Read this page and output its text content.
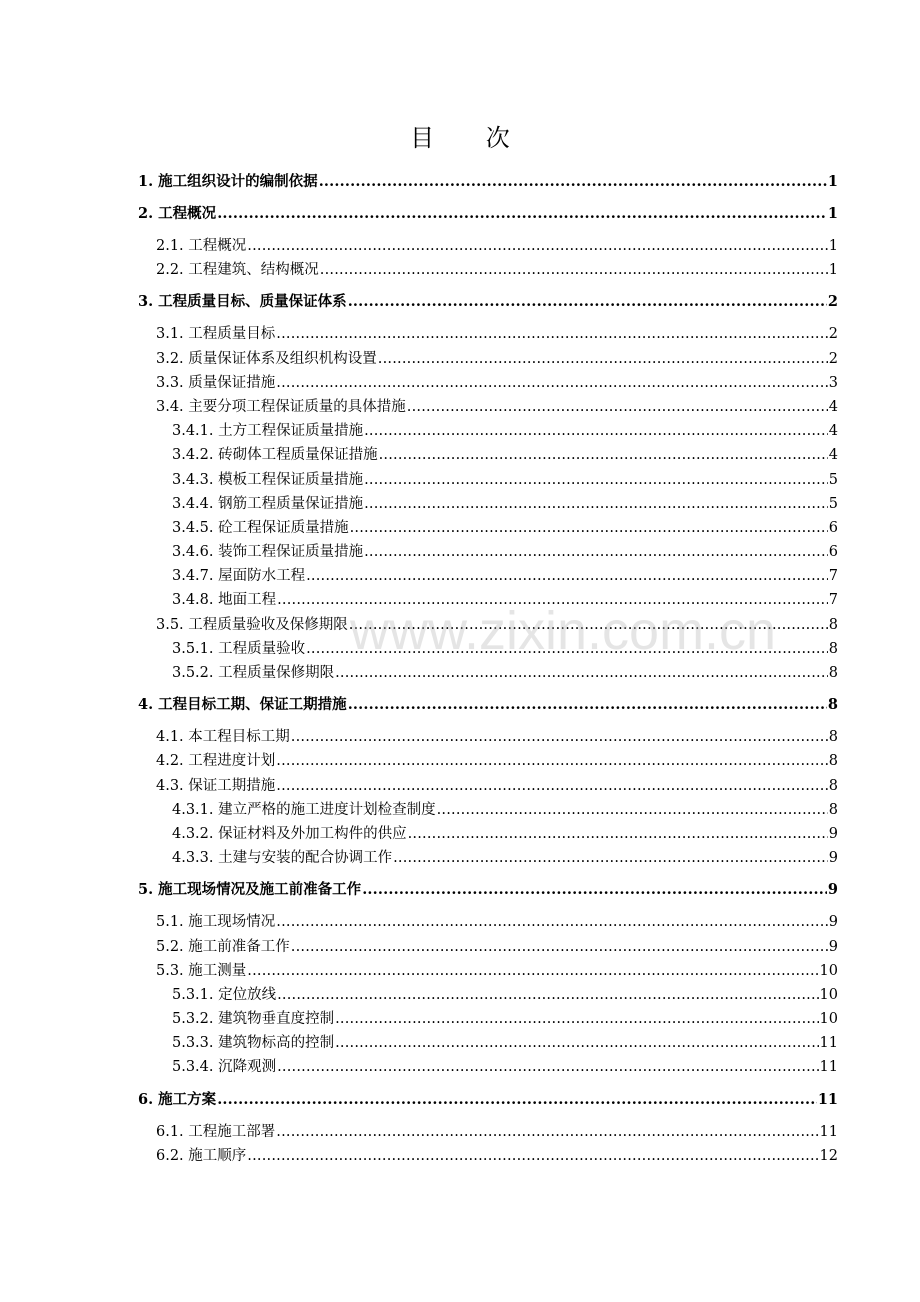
目 次
1. 施工组织设计的编制依据 .....	1
2. 工程概况 .....	1
2.1. 工程概况 .....	1
2.2. 工程建筑、结构概况 .....	1
3. 工程质量目标、质量保证体系 .....	2
3.1. 工程质量目标 .....	2
3.2. 质量保证体系及组织机构设置 .....	2
3.3. 质量保证措施 .....	3
3.4. 主要分项工程保证质量的具体措施 .....	4
3.4.1. 土方工程保证质量措施 .....	4
3.4.2. 砖砌体工程质量保证措施 .....	4
3.4.3. 模板工程保证质量措施 .....	5
3.4.4. 钢筋工程质量保证措施 .....	5
3.4.5. 砼工程保证质量措施 .....	6
3.4.6. 装饰工程保证质量措施 .....	6
3.4.7. 屋面防水工程 .....	7
3.4.8. 地面工程 .....	7
3.5. 工程质量验收及保修期限 .....	8
3.5.1. 工程质量验收 .....	8
3.5.2. 工程质量保修期限 .....	8
4. 工程目标工期、保证工期措施 .....	8
4.1. 本工程目标工期 .....	8
4.2. 工程进度计划 .....	8
4.3. 保证工期措施 .....	8
4.3.1. 建立严格的施工进度计划检查制度 .....	8
4.3.2. 保证材料及外加工构件的供应 .....	9
4.3.3. 土建与安装的配合协调工作 .....	9
5. 施工现场情况及施工前准备工作 .....	9
5.1. 施工现场情况 .....	9
5.2. 施工前准备工作 .....	9
5.3. 施工测量 .....	10
5.3.1. 定位放线 .....	10
5.3.2. 建筑物垂直度控制 .....	10
5.3.3. 建筑物标高的控制 .....	11
5.3.4. 沉降观测 .....	11
6. 施工方案 .....	11
6.1. 工程施工部署 .....	11
6.2. 施工顺序 .....	12
www.zixin.com.cn
